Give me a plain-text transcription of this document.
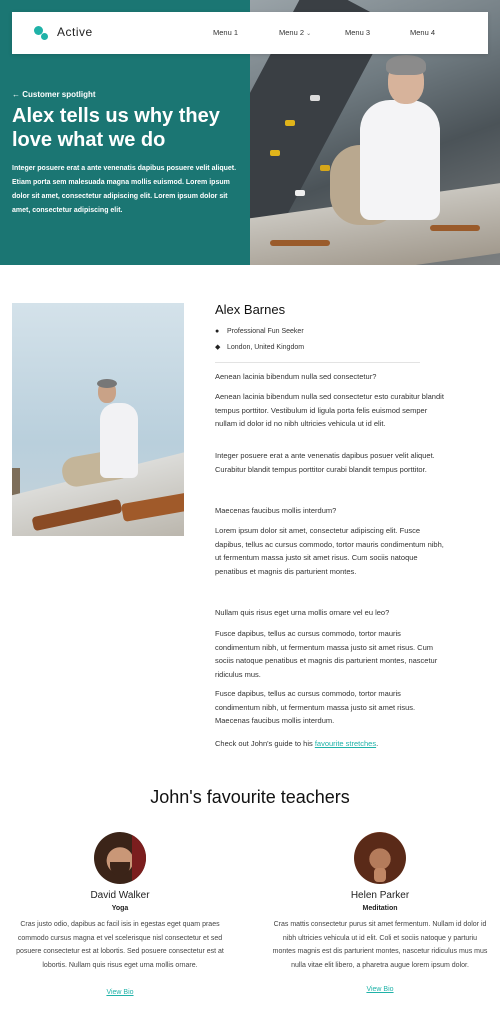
Active	Menu 1	Menu 2 ⌄	Menu 3	Menu 4
← Customer spotlight
Alex tells us why they love what we do
Integer posuere erat a ante venenatis dapibus posuere velit aliquet. Etiam porta sem malesuada magna mollis euismod. Lorem ipsum dolor sit amet, consectetur adipiscing elit. Lorem ipsum dolor sit amet, consectetur adipiscing elit.
Alex Barnes
● Professional Fun Seeker
◆ London, United Kingdom
Aenean lacinia bibendum nulla sed consectetur?
Aenean lacinia bibendum nulla sed consectetur esto curabitur blandit tempus porttitor. Vestibulum id ligula porta felis euismod semper nullam id dolor id no nibh ultricies vehicula ut id elit.
Integer posuere erat a ante venenatis dapibus posuer velit aliquet. Curabitur blandit tempus porttitor curabi blandit tempus porttitor.
Maecenas faucibus mollis interdum?
Lorem ipsum dolor sit amet, consectetur adipiscing elit. Fusce dapibus, tellus ac cursus commodo, tortor mauris condimentum nibh, ut fermentum massa justo sit amet risus. Cum sociis natoque penatibus et magnis dis parturient montes.
Nullam quis risus eget urna mollis ornare vel eu leo?
Fusce dapibus, tellus ac cursus commodo, tortor mauris condimentum nibh, ut fermentum massa justo sit amet risus. Cum sociis natoque penatibus et magnis dis parturient montes, nascetur ridiculus mus.
Fusce dapibus, tellus ac cursus commodo, tortor mauris condimentum nibh, ut fermentum massa justo sit amet risus. Maecenas faucibus mollis interdum.
Check out John's guide to his favourite stretches.
John's favourite teachers
David Walker
Yoga
Cras justo odio, dapibus ac facil isis in egestas eget quam praes commodo cursus magna et vel scelerisque nisl consectetur et sed posuere consectetur est at lobortis. Sed posuere consectetur est at lobortis. Nullam quis risus eget urna mollis ornare.
View Bio
Helen Parker
Meditation
Cras mattis consectetur purus sit amet fermentum. Nullam id dolor id nibh ultricies vehicula ut id elit. Coli et sociis natoque y parturiu montes magnis est dis parturient montes, nascetur ridiculus mus mus nulla vitae elit libero, a pharetra augue lorem ipsum dolor.
View Bio
